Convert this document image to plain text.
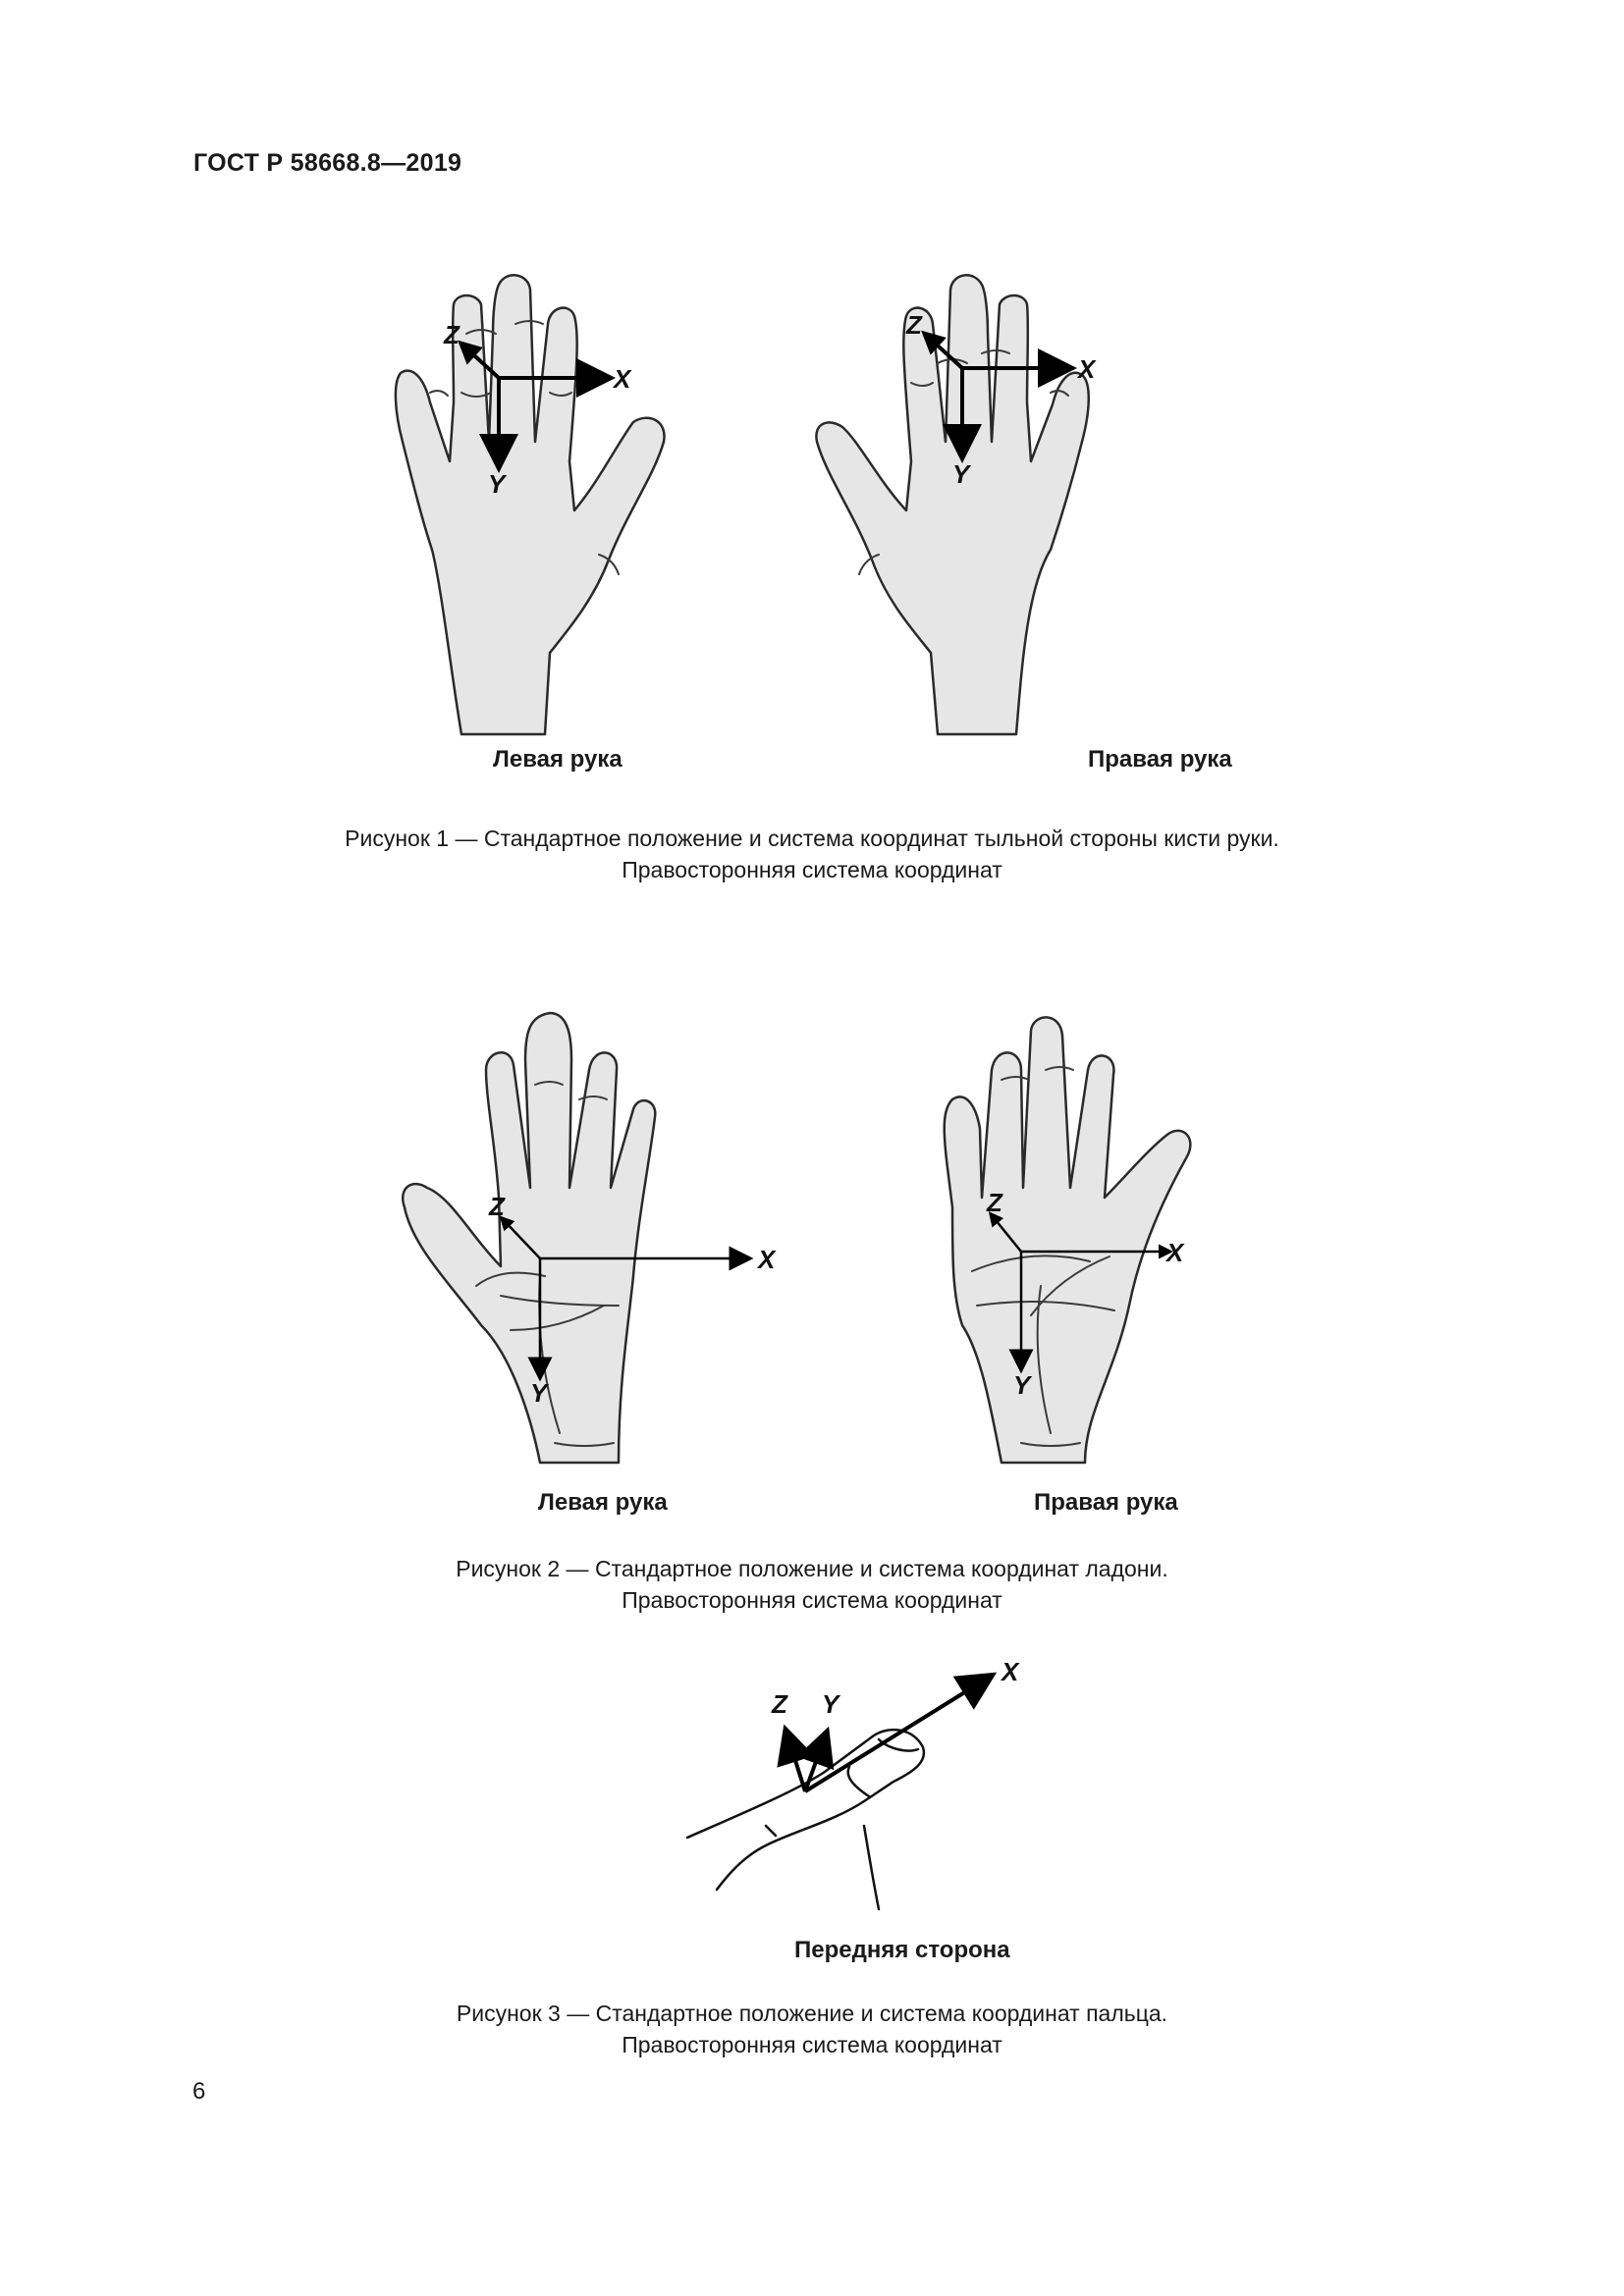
ГОСТ Р 58668.8—2019
X
Y
Z
X
Y
Z
Левая рука	Правая рука
Рисунок 1 — Стандартное положение и система координат тыльной стороны кисти руки.
Правосторонняя система координат
X
Y
Z
X
Y
Z
Левая рука	Правая рука
Рисунок 2 — Стандартное положение и система координат ладони.
Правосторонняя система координат
X
Z Y
Передняя сторона
Рисунок 3 — Стандартное положение и система координат пальца.
Правосторонняя система координат
6
